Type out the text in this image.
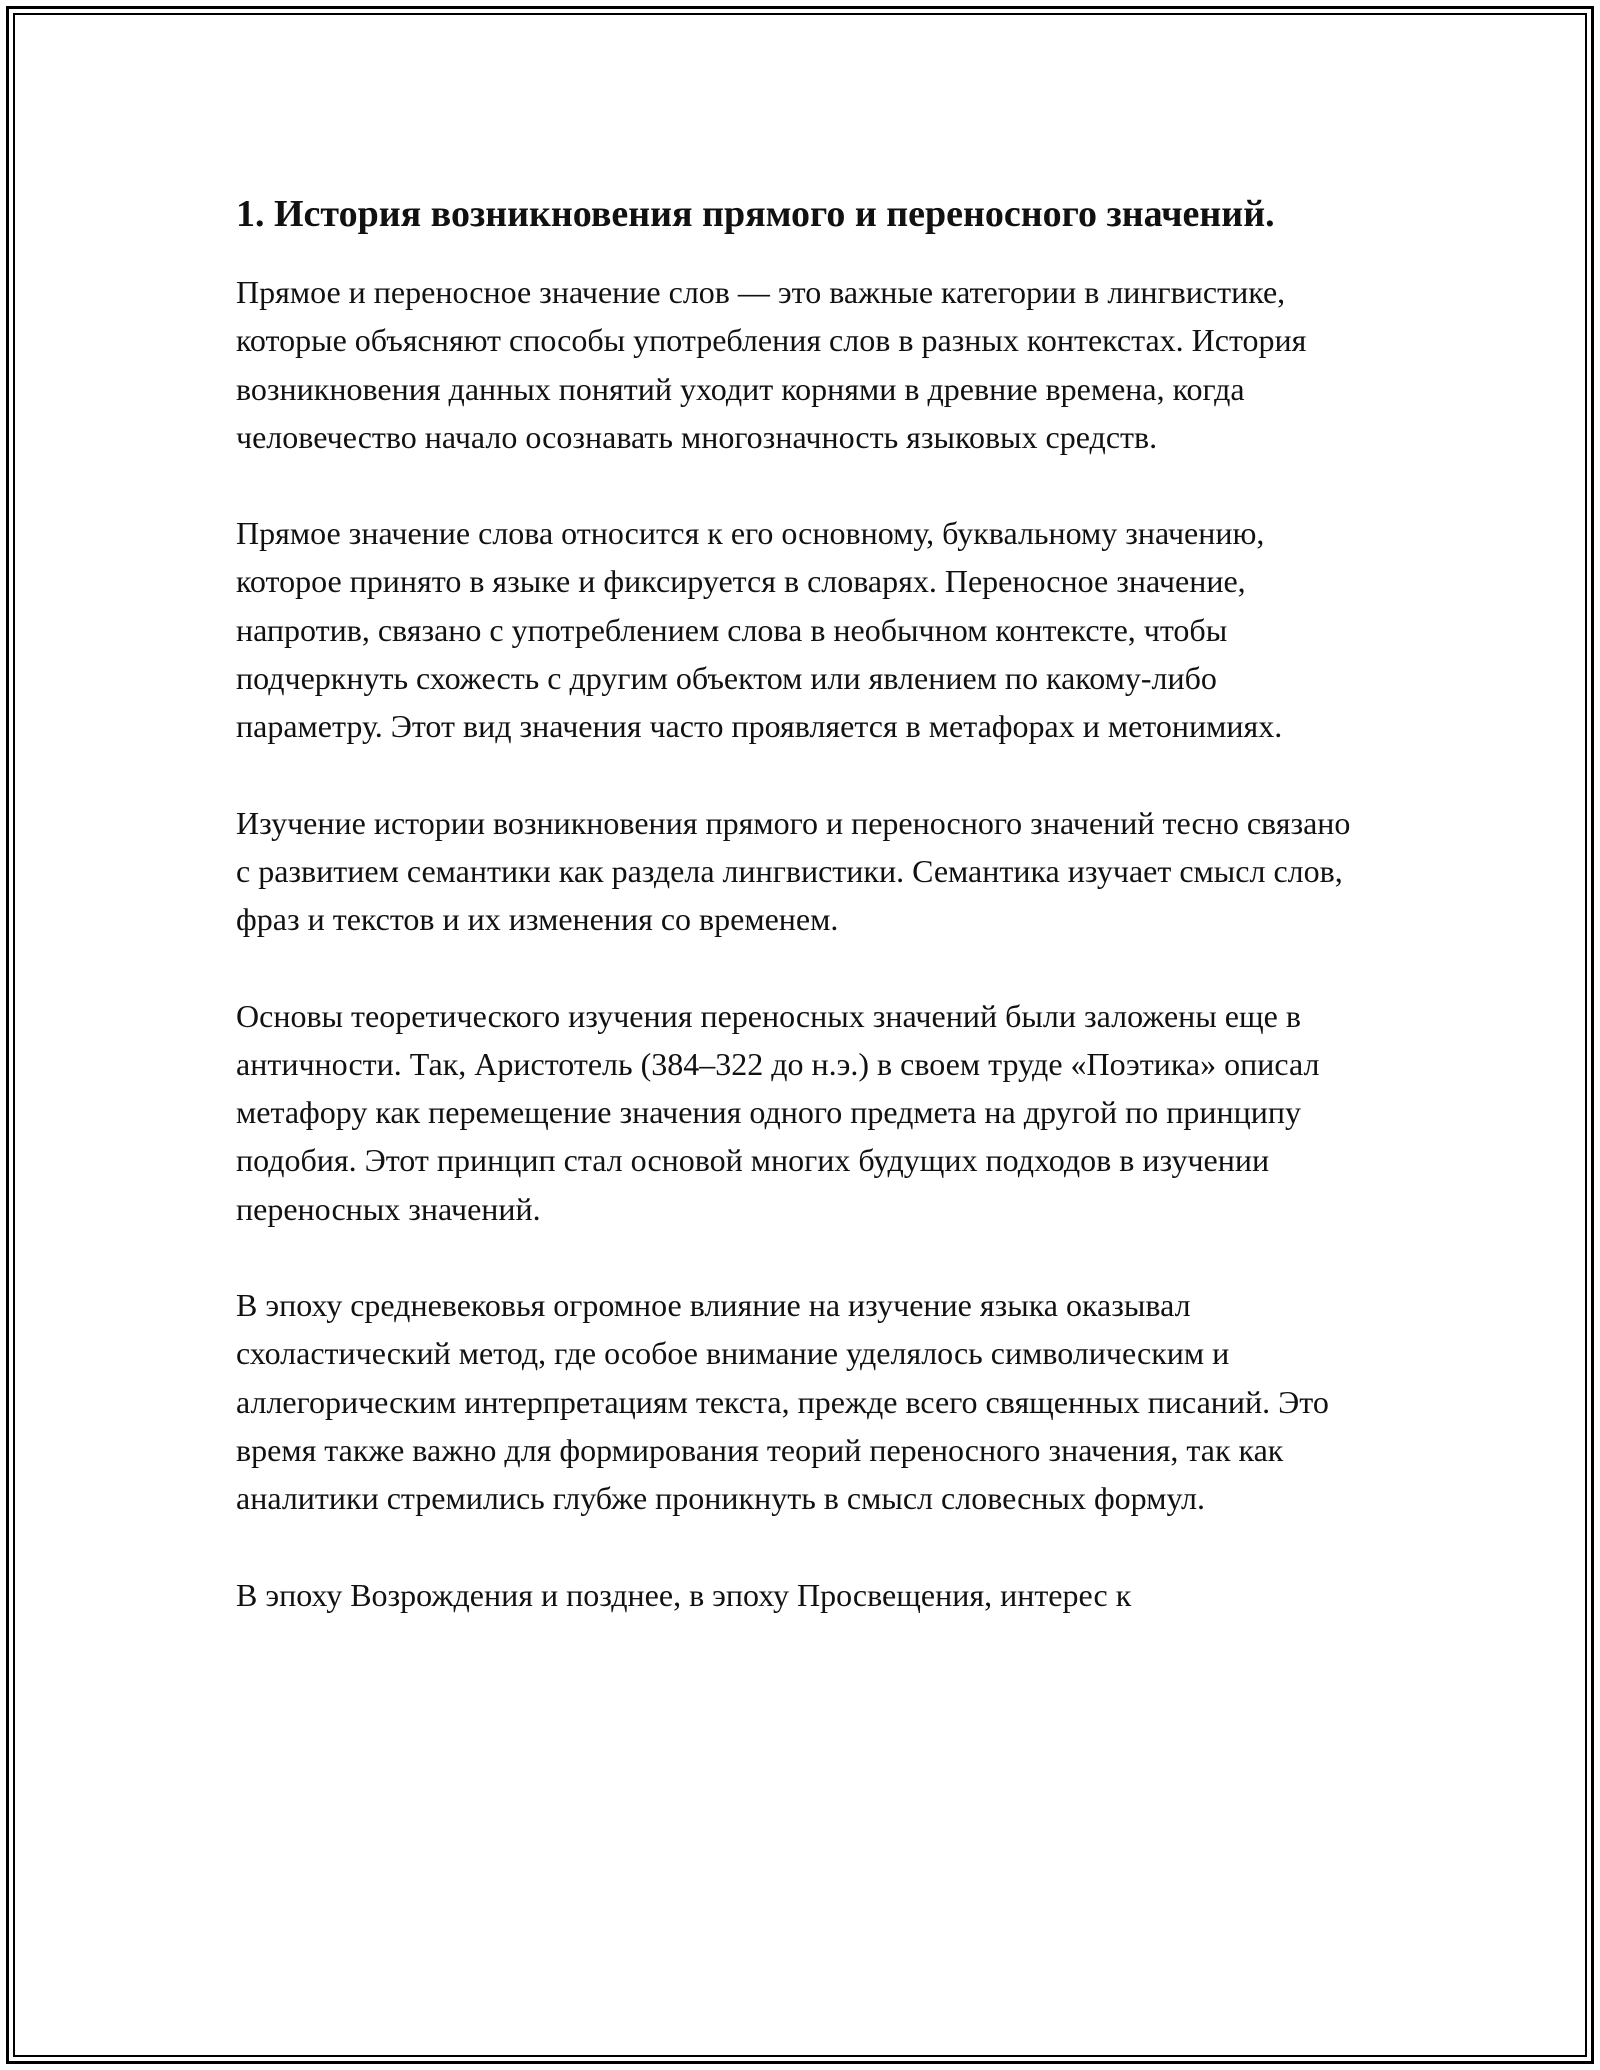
1. История возникновения прямого и переносного значений.

Прямое и переносное значение слов — это важные категории в лингвистике, которые объясняют способы употребления слов в разных контекстах. История возникновения данных понятий уходит корнями в древние времена, когда человечество начало осознавать многозначность языковых средств.

Прямое значение слова относится к его основному, буквальному значению, которое принято в языке и фиксируется в словарях. Переносное значение, напротив, связано с употреблением слова в необычном контексте, чтобы подчеркнуть схожесть с другим объектом или явлением по какому-либо параметру. Этот вид значения часто проявляется в метафорах и метонимиях.

Изучение истории возникновения прямого и переносного значений тесно связано с развитием семантики как раздела лингвистики. Семантика изучает смысл слов, фраз и текстов и их изменения со временем.

Основы теоретического изучения переносных значений были заложены еще в античности. Так, Аристотель (384–322 до н.э.) в своем труде «Поэтика» описал метафору как перемещение значения одного предмета на другой по принципу подобия. Этот принцип стал основой многих будущих подходов в изучении переносных значений.

В эпоху средневековья огромное влияние на изучение языка оказывал схоластический метод, где особое внимание уделялось символическим и аллегорическим интерпретациям текста, прежде всего священных писаний. Это время также важно для формирования теорий переносного значения, так как аналитики стремились глубже проникнуть в смысл словесных формул.

В эпоху Возрождения и позднее, в эпоху Просвещения, интерес к
